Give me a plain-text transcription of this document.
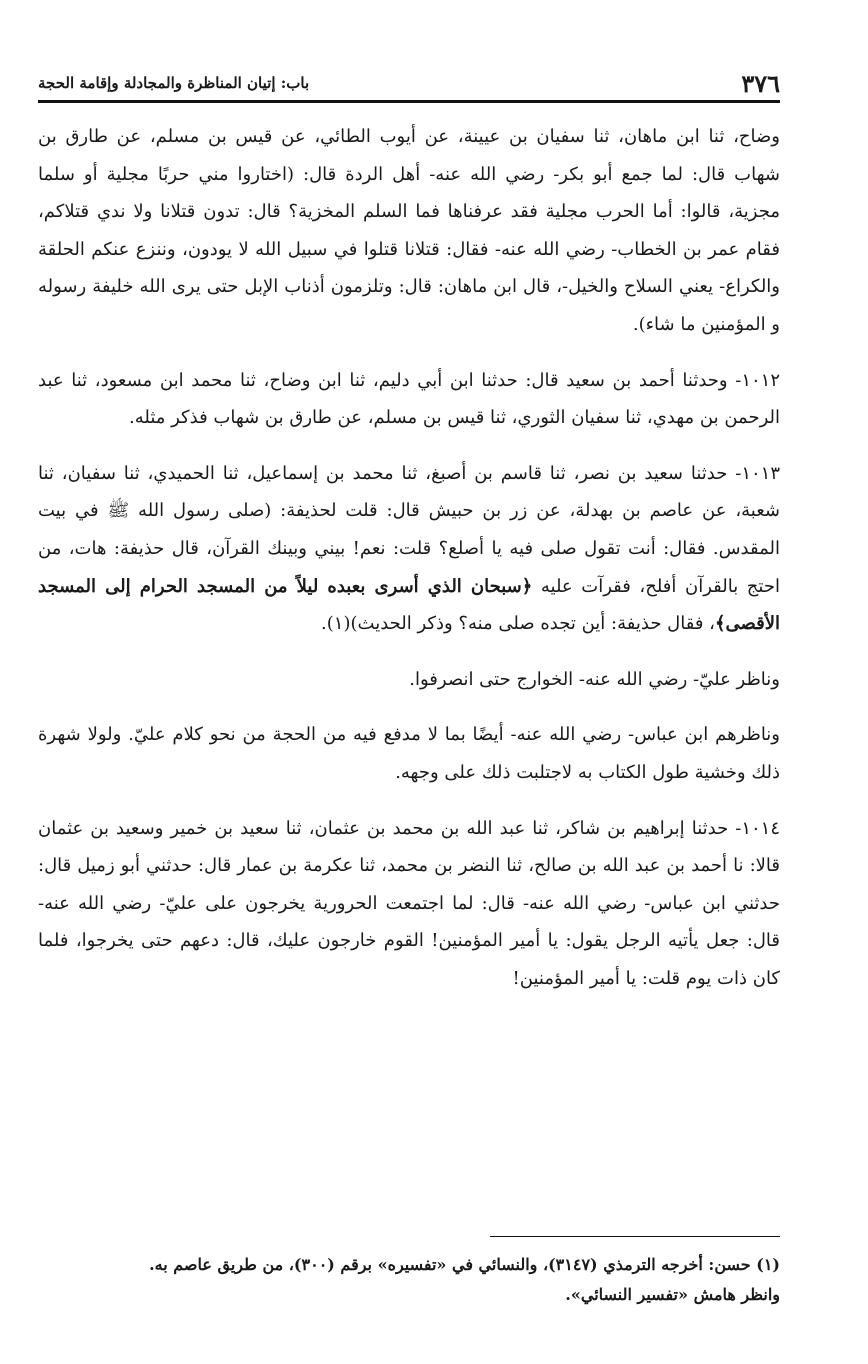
٣٧٦
باب: إتيان المناظرة والمجادلة وإقامة الحجة

وضاح، ثنا ابن ماهان، ثنا سفيان بن عيينة، عن أيوب الطائي، عن قيس بن مسلم، عن طارق بن شهاب قال: لما جمع أبو بكر- رضي الله عنه- أهل الردة قال: (اختاروا مني حربًا مجلية أو سلما مجزية، قالوا: أما الحرب مجلية فقد عرفناها فما السلم المخزية؟ قال: تدون قتلانا ولا ندي قتلاكم، فقام عمر بن الخطاب- رضي الله عنه- فقال: قتلانا قتلوا في سبيل الله لا يودون، وننزع عنكم الحلقة والكراع- يعني السلاح والخيل-، قال ابن ماهان: قال: وتلزمون أذناب الإبل حتى يرى الله خليفة رسوله و المؤمنين ما شاء).

١٠١٢- وحدثنا أحمد بن سعيد قال: حدثنا ابن أبي دليم، ثنا ابن وضاح، ثنا محمد ابن مسعود، ثنا عبد الرحمن بن مهدي، ثنا سفيان الثوري، ثنا قيس بن مسلم، عن طارق بن شهاب فذكر مثله.

١٠١٣- حدثنا سعيد بن نصر، ثنا قاسم بن أصبغ، ثنا محمد بن إسماعيل، ثنا الحميدي، ثنا سفيان، ثنا شعبة، عن عاصم بن بهدلة، عن زر بن حبيش قال: قلت لحذيفة: (صلى رسول الله ﷺ في بيت المقدس. فقال: أنت تقول صلى فيه يا أصلع؟ قلت: نعم! بيني وبينك القرآن، قال حذيفة: هات، من احتج بالقرآن أفلح، فقرآت عليه ﴿سبحان الذي أسرى بعبده ليلاً من المسجد الحرام إلى المسجد الأقصى﴾، فقال حذيفة: أين تجده صلى منه؟ وذكر الحديث)(١).

وناظر عليّ- رضي الله عنه- الخوارج حتى انصرفوا.

وناظرهم ابن عباس- رضي الله عنه- أيضًا بما لا مدفع فيه من الحجة من نحو كلام عليّ. ولولا شهرة ذلك وخشية طول الكتاب به لاجتلبت ذلك على وجهه.

١٠١٤- حدثنا إبراهيم بن شاكر، ثنا عبد الله بن محمد بن عثمان، ثنا سعيد بن خمير وسعيد بن عثمان قالا: نا أحمد بن عبد الله بن صالح، ثنا النضر بن محمد، ثنا عكرمة بن عمار قال: حدثني أبو زميل قال: حدثني ابن عباس- رضي الله عنه- قال: لما اجتمعت الحرورية يخرجون على عليّ- رضي الله عنه- قال: جعل يأتيه الرجل يقول: يا أمير المؤمنين! القوم خارجون عليك، قال: دعهم حتى يخرجوا، فلما كان ذات يوم قلت: يا أمير المؤمنين!

(١) حسن: أخرجه الترمذي (٣١٤٧)، والنسائي في «تفسيره» برقم (٣٠٠)، من طريق عاصم به.

وانظر هامش «تفسير النسائي».
